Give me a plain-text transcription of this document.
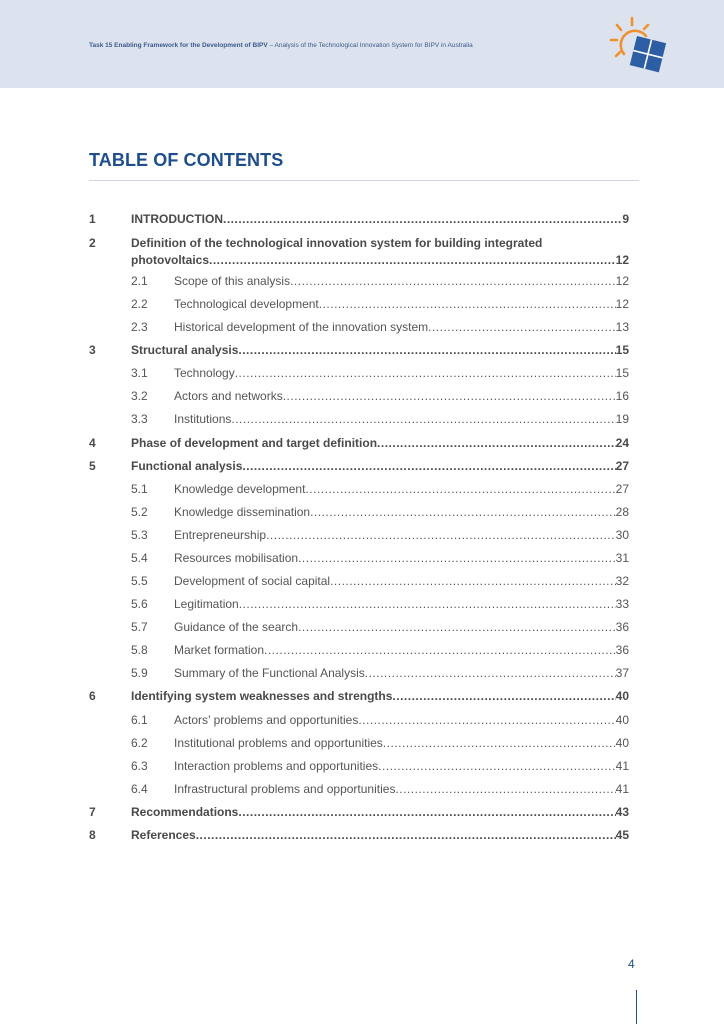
Task 15 Enabling Framework for the Development of BIPV – Analysis of the Technological Innovation System for BIPV in Australia
TABLE OF CONTENTS
1	INTRODUCTION .....	9
2	Definition of the technological innovation system for building integrated
photovoltaics .....	12
2.1 Scope of this analysis .....	12
2.2 Technological development .....	12
2.3 Historical development of the innovation system .....	13
3	Structural analysis .....	15
3.1 Technology .....	15
3.2 Actors and networks .....	16
3.3 Institutions .....	19
4	Phase of development and target definition .....	24
5	Functional analysis .....	27
5.1 Knowledge development .....	27
5.2 Knowledge dissemination .....	28
5.3 Entrepreneurship .....	30
5.4 Resources mobilisation .....	31
5.5 Development of social capital .....	32
5.6 Legitimation .....	33
5.7 Guidance of the search .....	36
5.8 Market formation .....	36
5.9 Summary of the Functional Analysis .....	37
6	Identifying system weaknesses and strengths .....	40
6.1 Actors’ problems and opportunities .....	40
6.2 Institutional problems and opportunities .....	40
6.3 Interaction problems and opportunities .....	41
6.4 Infrastructural problems and opportunities .....	41
7	Recommendations .....	43
8	References .....	45
4
